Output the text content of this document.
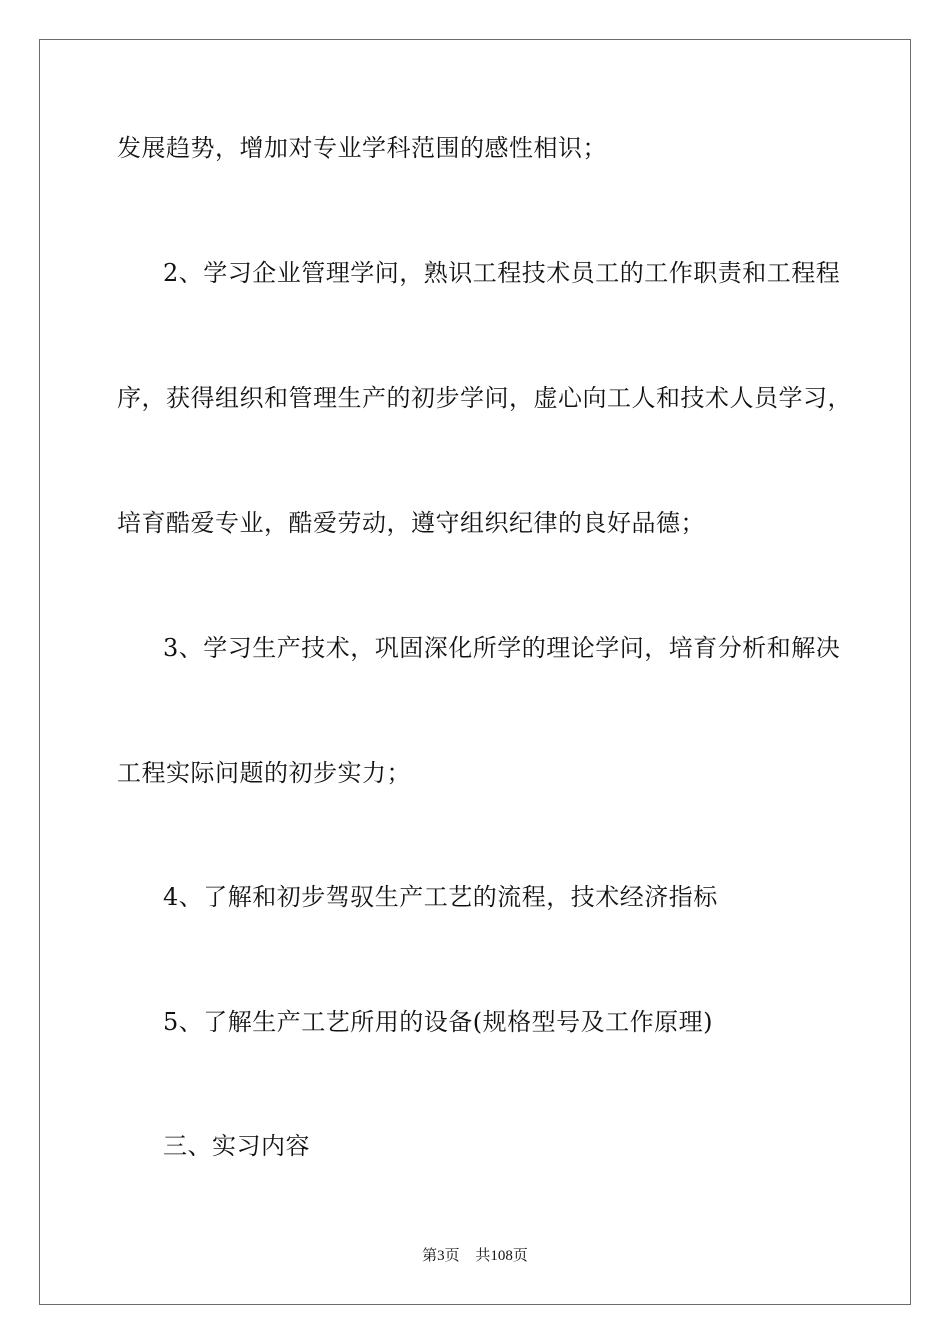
发展趋势，增加对专业学科范围的感性相识；
2、学习企业管理学问，熟识工程技术员工的工作职责和工程程
序，获得组织和管理生产的初步学问，虚心向工人和技术人员学习，
培育酷爱专业，酷爱劳动，遵守组织纪律的良好品德；
3、学习生产技术，巩固深化所学的理论学问，培育分析和解决
工程实际问题的初步实力；
4、了解和初步驾驭生产工艺的流程，技术经济指标
5、了解生产工艺所用的设备(规格型号及工作原理)
三、实习内容
第3页 共108页
